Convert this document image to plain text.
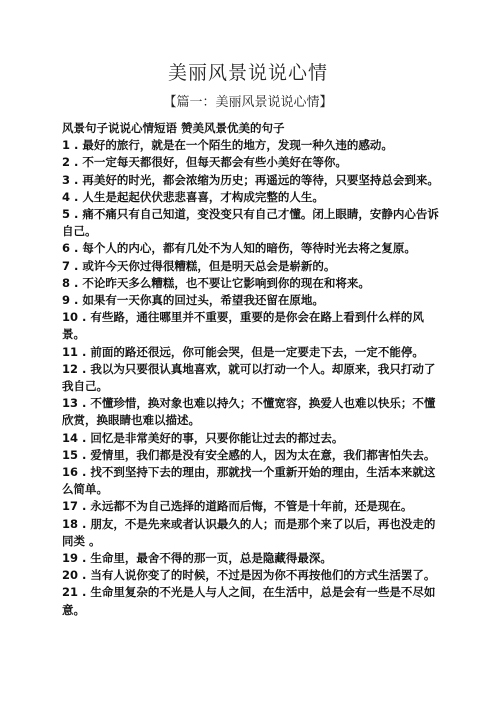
美丽风景说说心情
【篇一：美丽风景说说心情】
风景句子说说心情短语 赞美风景优美的句子
1 . 最好的旅行，就是在一个陌生的地方，发现一种久违的感动。
2 . 不一定每天都很好，但每天都会有些小美好在等你。
3 . 再美好的时光，都会浓缩为历史；再遥远的等待，只要坚持总会到来。
4 . 人生是起起伏伏悲悲喜喜，才构成完整的人生。
5 . 痛不痛只有自己知道，变没变只有自己才懂。闭上眼睛，安静内心告诉自己。
6 . 每个人的内心，都有几处不为人知的暗伤，等待时光去将之复原。
7 . 或许今天你过得很糟糕，但是明天总会是崭新的。
8 . 不论昨天多么糟糕，也不要让它影响到你的现在和将来。
9 . 如果有一天你真的回过头，希望我还留在原地。
10 . 有些路，通往哪里并不重要，重要的是你会在路上看到什么样的风景。
11 . 前面的路还很远，你可能会哭，但是一定要走下去，一定不能停。
12 . 我以为只要很认真地喜欢，就可以打动一个人。却原来，我只打动了我自己。
13 . 不懂珍惜，换对象也难以持久；不懂宽容，换爱人也难以快乐；不懂欣赏，换眼睛也难以描述。
14 . 回忆是非常美好的事，只要你能让过去的都过去。
15 . 爱情里，我们都是没有安全感的人，因为太在意，我们都害怕失去。
16 . 找不到坚持下去的理由，那就找一个重新开始的理由，生活本来就这么简单。
17 . 永远都不为自己选择的道路而后悔，不管是十年前，还是现在。
18 . 朋友，不是先来或者认识最久的人；而是那个来了以后，再也没走的 同类 。
19 . 生命里，最舍不得的那一页，总是隐藏得最深。
20 . 当有人说你变了的时候，不过是因为你不再按他们的方式生活罢了。
21 . 生命里复杂的不光是人与人之间，在生活中，总是会有一些是不尽如意。
